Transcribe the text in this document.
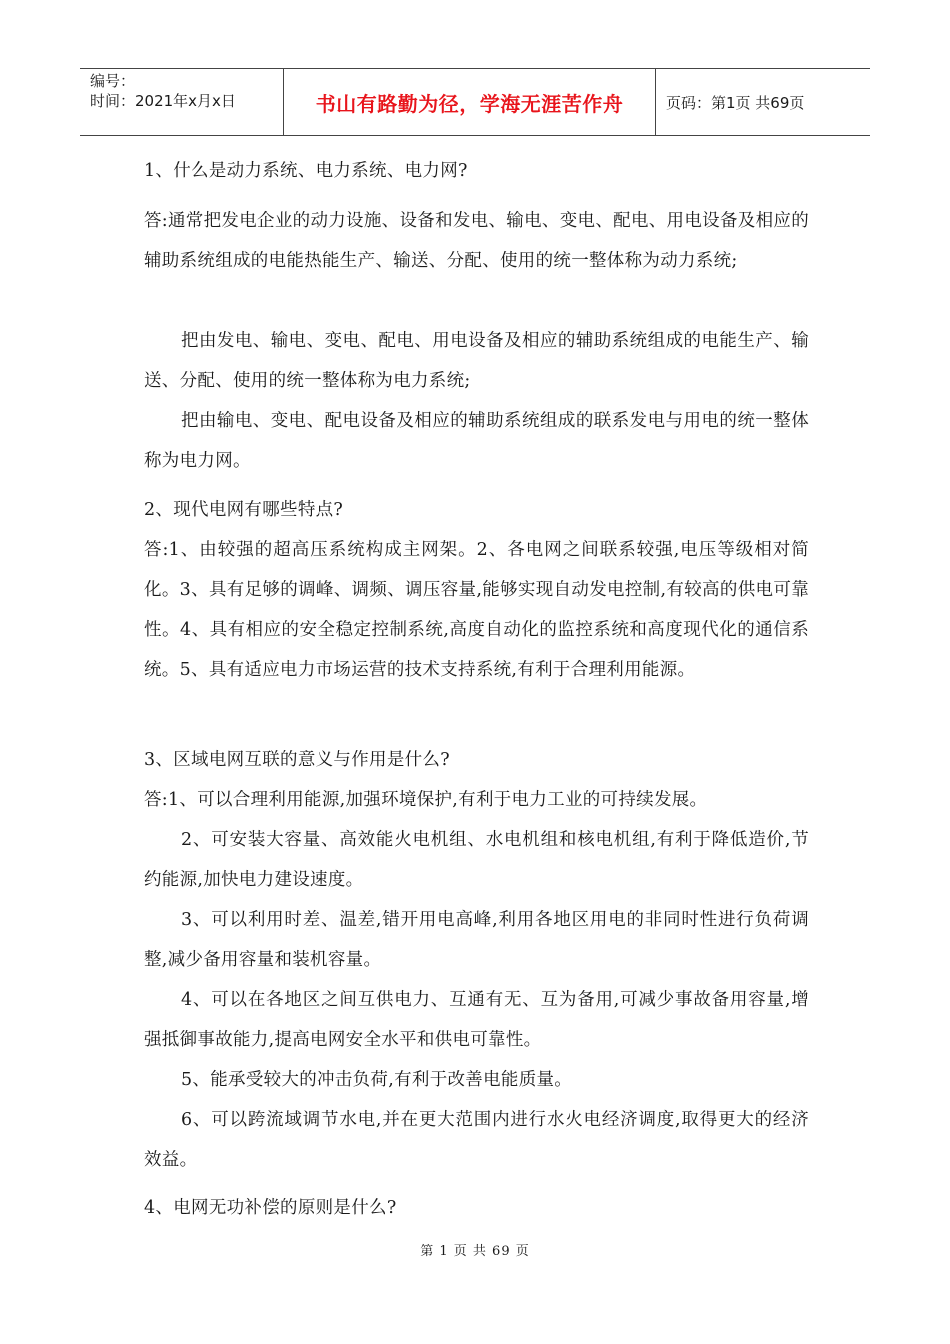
编号：
时间：2021年x月x日	书山有路勤为径，学海无涯苦作舟	页码：第1页 共69页

1、什么是动力系统、电力系统、电力网?

答:通常把发电企业的动力设施、设备和发电、输电、变电、配电、用电设备及相应的辅助系统组成的电能热能生产、输送、分配、使用的统一整体称为动力系统;

把由发电、输电、变电、配电、用电设备及相应的辅助系统组成的电能生产、输送、分配、使用的统一整体称为电力系统;

把由输电、变电、配电设备及相应的辅助系统组成的联系发电与用电的统一整体称为电力网。

2、现代电网有哪些特点?

答:1、由较强的超高压系统构成主网架。2、各电网之间联系较强,电压等级相对简化。3、具有足够的调峰、调频、调压容量,能够实现自动发电控制,有较高的供电可靠性。4、具有相应的安全稳定控制系统,高度自动化的监控系统和高度现代化的通信系统。5、具有适应电力市场运营的技术支持系统,有利于合理利用能源。

3、区域电网互联的意义与作用是什么?

答:1、可以合理利用能源,加强环境保护,有利于电力工业的可持续发展。

2、可安装大容量、高效能火电机组、水电机组和核电机组,有利于降低造价,节约能源,加快电力建设速度。

3、可以利用时差、温差,错开用电高峰,利用各地区用电的非同时性进行负荷调整,减少备用容量和装机容量。

4、可以在各地区之间互供电力、互通有无、互为备用,可减少事故备用容量,增强抵御事故能力,提高电网安全水平和供电可靠性。

5、能承受较大的冲击负荷,有利于改善电能质量。

6、可以跨流域调节水电,并在更大范围内进行水火电经济调度,取得更大的经济效益。

4、电网无功补偿的原则是什么?

第 1 页 共 69 页
